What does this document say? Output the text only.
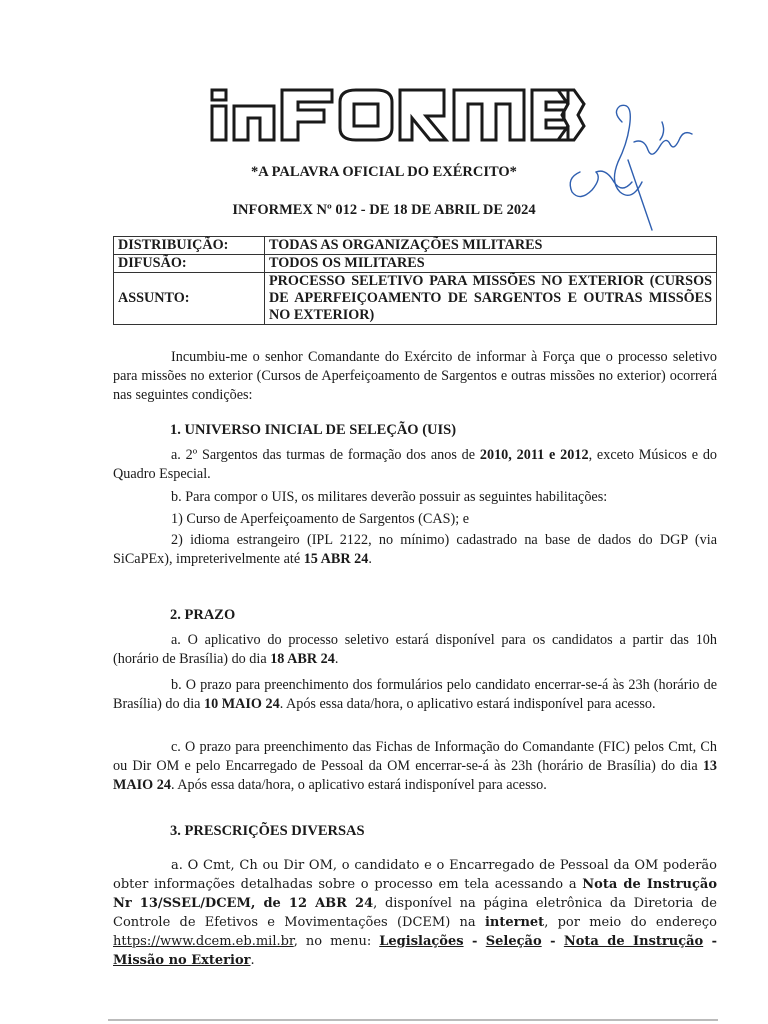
*A PALAVRA OFICIAL DO EXÉRCITO*
INFORMEX Nº 012 - DE 18 DE ABRIL DE 2024
DISTRIBUIÇÃO:	TODAS AS ORGANIZAÇÕES MILITARES
DIFUSÃO:	TODOS OS MILITARES
ASSUNTO:	PROCESSO SELETIVO PARA MISSÕES NO EXTERIOR (CURSOS DE APERFEIÇOAMENTO DE SARGENTOS E OUTRAS MISSÕES NO EXTERIOR)
Incumbiu-me o senhor Comandante do Exército de informar à Força que o processo seletivo para missões no exterior (Cursos de Aperfeiçoamento de Sargentos e outras missões no exterior) ocorrerá nas seguintes condições:
1. UNIVERSO INICIAL DE SELEÇÃO (UIS)
a. 2º Sargentos das turmas de formação dos anos de 2010, 2011 e 2012, exceto Músicos e do Quadro Especial.
b. Para compor o UIS, os militares deverão possuir as seguintes habilitações:
1) Curso de Aperfeiçoamento de Sargentos (CAS); e
2) idioma estrangeiro (IPL 2122, no mínimo) cadastrado na base de dados do DGP (via SiCaPEx), impreterivelmente até 15 ABR 24.
2. PRAZO
a. O aplicativo do processo seletivo estará disponível para os candidatos a partir das 10h (horário de Brasília) do dia 18 ABR 24.
b. O prazo para preenchimento dos formulários pelo candidato encerrar-se-á às 23h (horário de Brasília) do dia 10 MAIO 24. Após essa data/hora, o aplicativo estará indisponível para acesso.
c. O prazo para preenchimento das Fichas de Informação do Comandante (FIC) pelos Cmt, Ch ou Dir OM e pelo Encarregado de Pessoal da OM encerrar-se-á às 23h (horário de Brasília) do dia 13 MAIO 24. Após essa data/hora, o aplicativo estará indisponível para acesso.
3. PRESCRIÇÕES DIVERSAS
a. O Cmt, Ch ou Dir OM, o candidato e o Encarregado de Pessoal da OM poderão obter informações detalhadas sobre o processo em tela acessando a Nota de Instrução Nr 13/SSEL/DCEM, de 12 ABR 24, disponível na página eletrônica da Diretoria de Controle de Efetivos e Movimentações (DCEM) na internet, por meio do endereço https://www.dcem.eb.mil.br, no menu: Legislações - Seleção - Nota de Instrução - Missão no Exterior.
